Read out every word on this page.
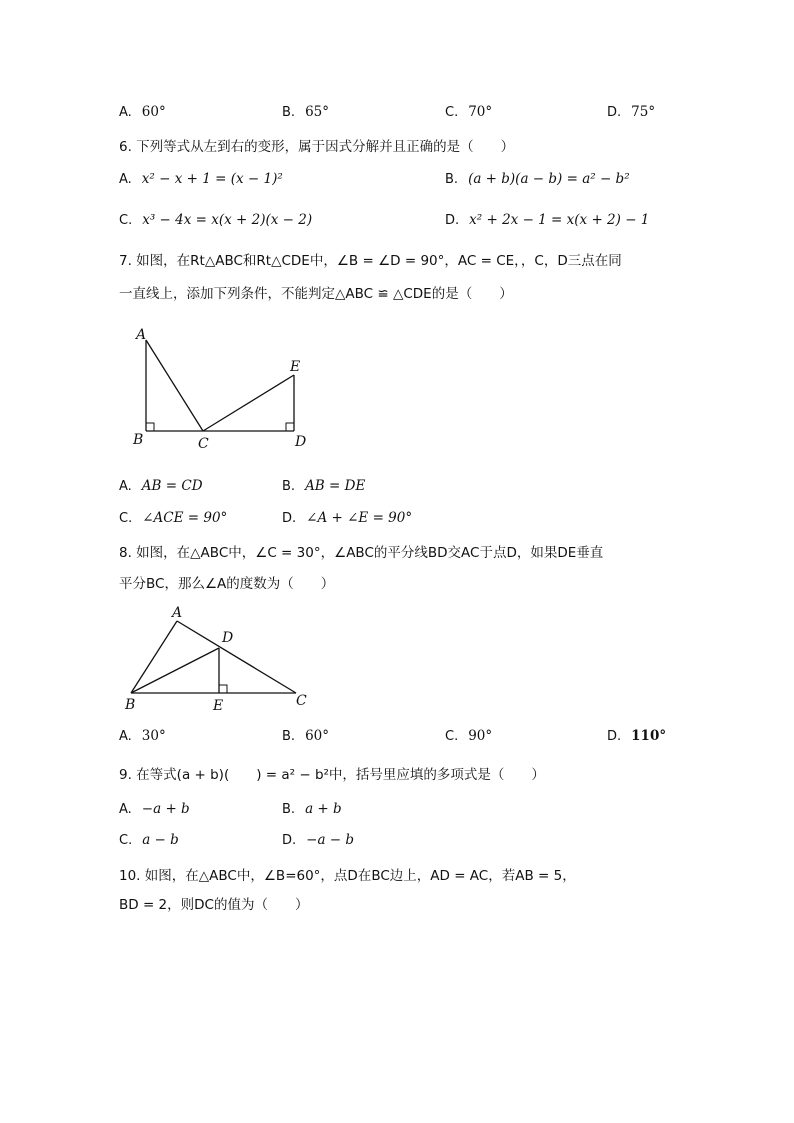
A. 60°	B. 65°	C. 70°	D. 75°
6. 下列等式从左到右的变形，属于因式分解并且正确的是（　　）
A. x² − x + 1 = (x − 1)²	B. (a + b)(a − b) = a² − b²
C. x³ − 4x = x(x + 2)(x − 2)	D. x² + 2x − 1 = x(x + 2) − 1
7. 如图，在Rt△ABC和Rt△CDE中，∠B = ∠D = 90°，AC = CE，，C，D三点在同
一直线上，添加下列条件，不能判定△ABC ≌ △CDE的是（　　）
A
B	C	D
E
A. AB = CD	B. AB = DE
C. ∠ACE = 90°	D. ∠A + ∠E = 90°
8. 如图，在△ABC中，∠C = 30°，∠ABC的平分线BD交AC于点D，如果DE垂直
平分BC，那么∠A的度数为（　　）
A
B	C
D
E
A. 30°	B. 60°	C. 90°	D. 110°
9. 在等式(a + b)(　　) = a² − b²中，括号里应填的多项式是（　　）
A. −a + b	B. a + b
C. a − b	D. −a − b
10. 如图，在△ABC中，∠B=60°，点D在BC边上，AD = AC，若AB = 5，
BD = 2，则DC的值为（　　）
